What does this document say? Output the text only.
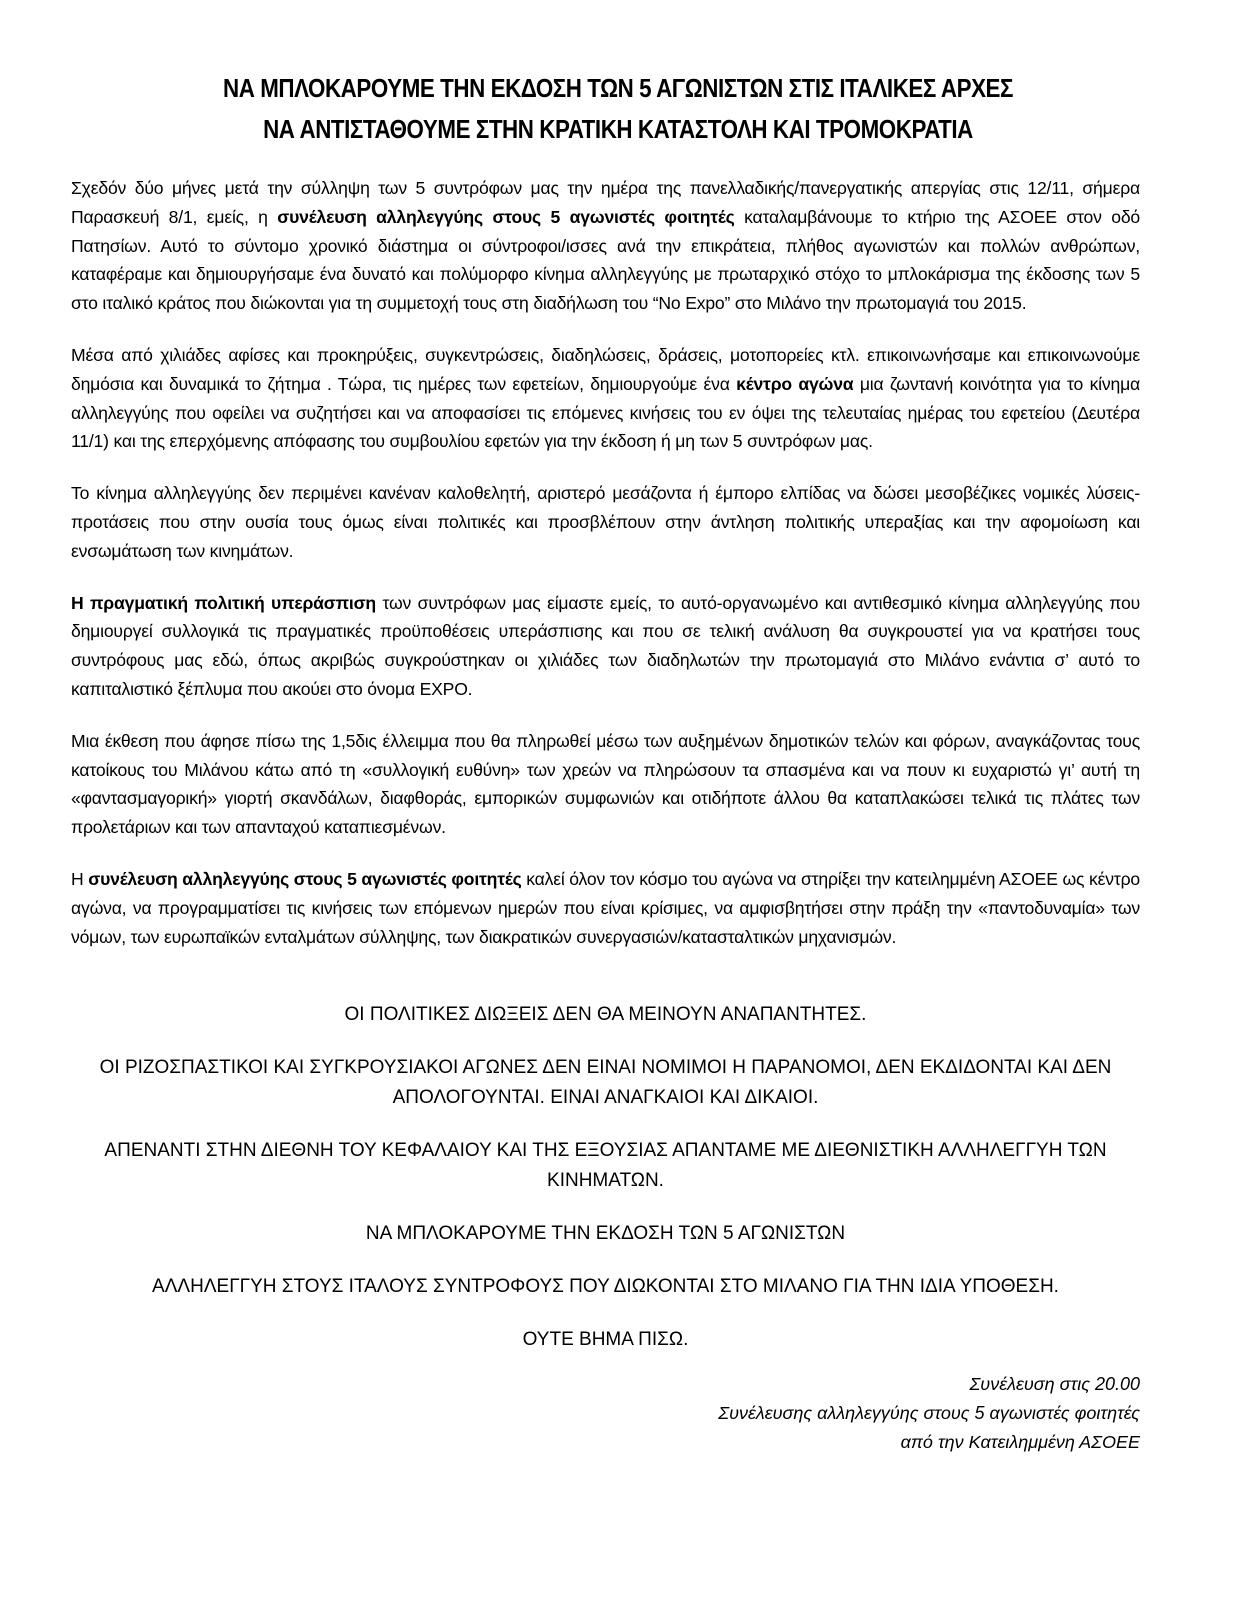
ΝΑ ΜΠΛΟΚΑΡΟΥΜΕ ΤΗΝ ΕΚΔΟΣΗ ΤΩΝ 5 ΑΓΩΝΙΣΤΩΝ ΣΤΙΣ ΙΤΑΛΙΚΕΣ ΑΡΧΕΣ
ΝΑ ΑΝΤΙΣΤΑΘΟΥΜΕ ΣΤΗΝ ΚΡΑΤΙΚΗ ΚΑΤΑΣΤΟΛΗ ΚΑΙ ΤΡΟΜΟΚΡΑΤΙΑ

Σχεδόν δύο μήνες μετά την σύλληψη των 5 συντρόφων μας την ημέρα της πανελλαδικής/πανεργατικής απεργίας στις 12/11, σήμερα Παρασκευή 8/1, εμείς, η συνέλευση αλληλεγγύης στους 5 αγωνιστές φοιτητές καταλαμβάνουμε το κτήριο της ΑΣΟΕΕ στον οδό Πατησίων. Αυτό το σύντομο χρονικό διάστημα οι σύντροφοι/ισσες ανά την επικράτεια, πλήθος αγωνιστών και πολλών ανθρώπων, καταφέραμε και δημιουργήσαμε ένα δυνατό και πολύμορφο κίνημα αλληλεγγύης με πρωταρχικό στόχο το μπλοκάρισμα της έκδοσης των 5 στο ιταλικό κράτος που διώκονται για τη συμμετοχή τους στη διαδήλωση του “No Expo” στο Μιλάνο την πρωτομαγιά του 2015.

Μέσα από χιλιάδες αφίσες και προκηρύξεις, συγκεντρώσεις, διαδηλώσεις, δράσεις, μοτοπορείες κτλ. επικοινωνήσαμε και επικοινωνούμε δημόσια και δυναμικά το ζήτημα . Τώρα, τις ημέρες των εφετείων, δημιουργούμε ένα κέντρο αγώνα μια ζωντανή κοινότητα για το κίνημα αλληλεγγύης που οφείλει να συζητήσει και να αποφασίσει τις επόμενες κινήσεις του εν όψει της τελευταίας ημέρας του εφετείου (Δευτέρα 11/1) και της επερχόμενης απόφασης του συμβουλίου εφετών για την έκδοση ή μη των 5 συντρόφων μας.

Το κίνημα αλληλεγγύης δεν περιμένει κανέναν καλοθελητή, αριστερό μεσάζοντα ή έμπορο ελπίδας να δώσει μεσοβέζικες νομικές λύσεις-προτάσεις που στην ουσία τους όμως είναι πολιτικές και προσβλέπουν στην άντληση πολιτικής υπεραξίας και την αφομοίωση και ενσωμάτωση των κινημάτων.

Η πραγματική πολιτική υπεράσπιση των συντρόφων μας είμαστε εμείς, το αυτό-οργανωμένο και αντιθεσμικό κίνημα αλληλεγγύης που δημιουργεί συλλογικά τις πραγματικές προϋποθέσεις υπεράσπισης και που σε τελική ανάλυση θα συγκρουστεί για να κρατήσει τους συντρόφους μας εδώ, όπως ακριβώς συγκρούστηκαν οι χιλιάδες των διαδηλωτών την πρωτομαγιά στο Μιλάνο ενάντια σ’ αυτό το καπιταλιστικό ξέπλυμα που ακούει στο όνομα EXPO.

Μια έκθεση που άφησε πίσω της 1,5δις έλλειμμα που θα πληρωθεί μέσω των αυξημένων δημοτικών τελών και φόρων, αναγκάζοντας τους κατοίκους του Μιλάνου κάτω από τη «συλλογική ευθύνη» των χρεών να πληρώσουν τα σπασμένα και να πουν κι ευχαριστώ γι’ αυτή τη «φαντασμαγορική» γιορτή σκανδάλων, διαφθοράς, εμπορικών συμφωνιών και οτιδήποτε άλλου θα καταπλακώσει τελικά τις πλάτες των προλετάριων και των απανταχού καταπιεσμένων.

Η συνέλευση αλληλεγγύης στους 5 αγωνιστές φοιτητές καλεί όλον τον κόσμο του αγώνα να στηρίξει την κατειλημμένη ΑΣΟΕΕ ως κέντρο αγώνα, να προγραμματίσει τις κινήσεις των επόμενων ημερών που είναι κρίσιμες, να αμφισβητήσει στην πράξη την «παντοδυναμία» των νόμων, των ευρωπαϊκών ενταλμάτων σύλληψης, των διακρατικών συνεργασιών/κατασταλτικών μηχανισμών.

ΟΙ ΠΟΛΙΤΙΚΕΣ ΔΙΩΞΕΙΣ ΔΕΝ ΘΑ ΜΕΙΝΟΥΝ ΑΝΑΠΑΝΤΗΤΕΣ.

ΟΙ ΡΙΖΟΣΠΑΣΤΙΚΟΙ ΚΑΙ ΣΥΓΚΡΟΥΣΙΑΚΟΙ ΑΓΩΝΕΣ ΔΕΝ ΕΙΝΑΙ ΝΟΜΙΜΟΙ Η ΠΑΡΑΝΟΜΟΙ, ΔΕΝ ΕΚΔΙΔΟΝΤΑΙ ΚΑΙ ΔΕΝ ΑΠΟΛΟΓΟΥΝΤΑΙ. ΕΙΝΑΙ ΑΝΑΓΚΑΙΟΙ ΚΑΙ ΔΙΚΑΙΟΙ.

ΑΠΕΝΑΝΤΙ ΣΤΗΝ ΔΙΕΘΝΗ ΤΟΥ ΚΕΦΑΛΑΙΟΥ ΚΑΙ ΤΗΣ ΕΞΟΥΣΙΑΣ ΑΠΑΝΤΑΜΕ ΜΕ ΔΙΕΘΝΙΣΤΙΚΗ ΑΛΛΗΛΕΓΓΥΗ ΤΩΝ ΚΙΝΗΜΑΤΩΝ.

ΝΑ ΜΠΛΟΚΑΡΟΥΜΕ ΤΗΝ ΕΚΔΟΣΗ ΤΩΝ 5 ΑΓΩΝΙΣΤΩΝ

ΑΛΛΗΛΕΓΓΥΗ ΣΤΟΥΣ ΙΤΑΛΟΥΣ ΣΥΝΤΡΟΦΟΥΣ ΠΟΥ ΔΙΩΚΟΝΤΑΙ ΣΤΟ ΜΙΛΑΝΟ ΓΙΑ ΤΗΝ ΙΔΙΑ ΥΠΟΘΕΣΗ.

ΟΥΤΕ ΒΗΜΑ ΠΙΣΩ.

Συνέλευση στις 20.00
Συνέλευσης αλληλεγγύης στους 5 αγωνιστές φοιτητές
από την Κατειλημμένη ΑΣΟΕΕ
